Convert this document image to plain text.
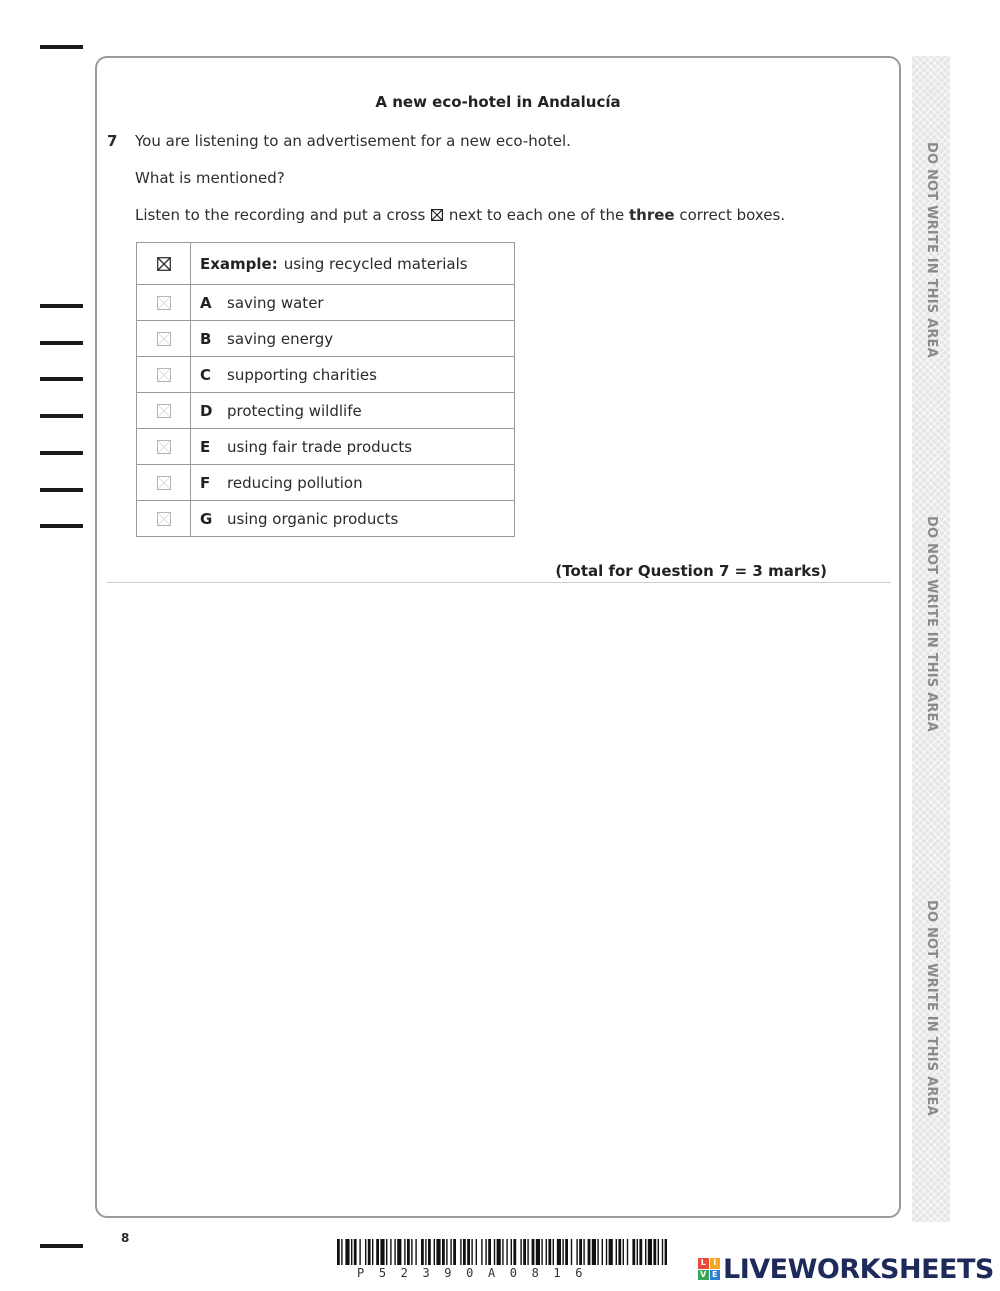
DO NOT WRITE IN THIS AREA
DO NOT WRITE IN THIS AREA
DO NOT WRITE IN THIS AREA
A new eco-hotel in Andalucía
7 You are listening to an advertisement for a new eco-hotel.
What is mentioned?
Listen to the recording and put a cross ☒ next to each one of the three correct boxes.
	Example: using recycled materials
	A saving water
	B saving energy
	C supporting charities
	D protecting wildlife
	E using fair trade products
	F reducing pollution
	G using organic products
(Total for Question 7 = 3 marks)
8
P52390A0816
L I
V E LIVEWORKSHEETS
